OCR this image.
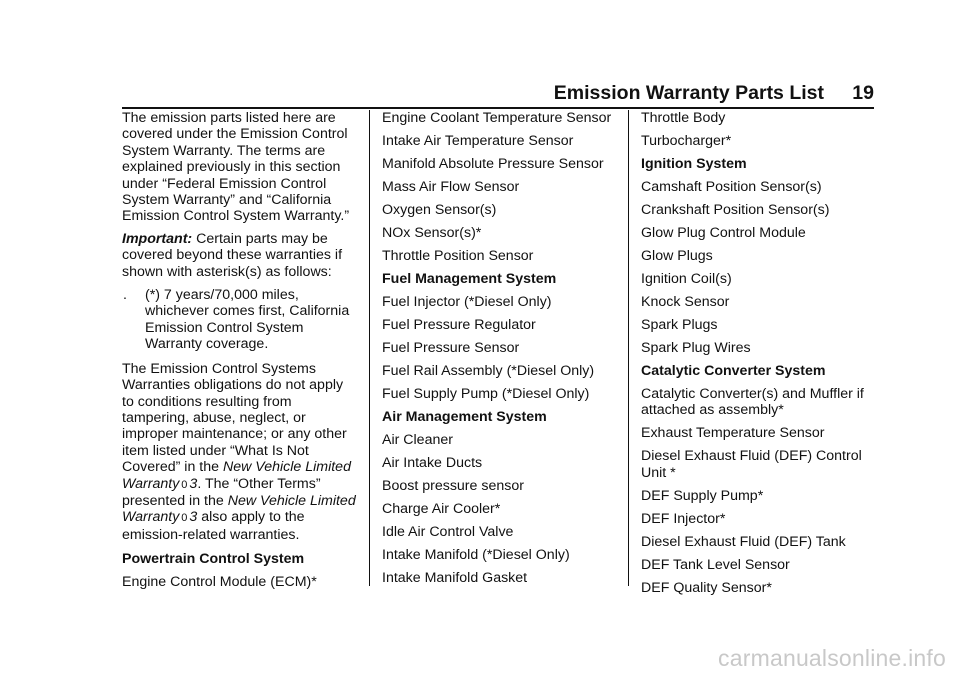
Emission Warranty Parts List 19

The emission parts listed here are covered under the Emission Control System Warranty. The terms are explained previously in this section under “Federal Emission Control System Warranty” and “California Emission Control System Warranty.”

Important: Certain parts may be covered beyond these warranties if shown with asterisk(s) as follows:

. (*) 7 years/70,000 miles, whichever comes first, California Emission Control System Warranty coverage.

The Emission Control Systems Warranties obligations do not apply to conditions resulting from tampering, abuse, neglect, or improper maintenance; or any other item listed under “What Is Not Covered” in the New Vehicle Limited Warranty 0 3. The “Other Terms” presented in the New Vehicle Limited Warranty 0 3 also apply to the emission-related warranties.

Powertrain Control System

Engine Control Module (ECM)*

Engine Coolant Temperature Sensor

Intake Air Temperature Sensor

Manifold Absolute Pressure Sensor

Mass Air Flow Sensor

Oxygen Sensor(s)

NOx Sensor(s)*

Throttle Position Sensor

Fuel Management System

Fuel Injector (*Diesel Only)

Fuel Pressure Regulator

Fuel Pressure Sensor

Fuel Rail Assembly (*Diesel Only)

Fuel Supply Pump (*Diesel Only)

Air Management System

Air Cleaner

Air Intake Ducts

Boost pressure sensor

Charge Air Cooler*

Idle Air Control Valve

Intake Manifold (*Diesel Only)

Intake Manifold Gasket

Throttle Body

Turbocharger*

Ignition System

Camshaft Position Sensor(s)

Crankshaft Position Sensor(s)

Glow Plug Control Module

Glow Plugs

Ignition Coil(s)

Knock Sensor

Spark Plugs

Spark Plug Wires

Catalytic Converter System

Catalytic Converter(s) and Muffler if attached as assembly*

Exhaust Temperature Sensor

Diesel Exhaust Fluid (DEF) Control Unit *

DEF Supply Pump*

DEF Injector*

Diesel Exhaust Fluid (DEF) Tank

DEF Tank Level Sensor

DEF Quality Sensor*

carmanualsonline.info
